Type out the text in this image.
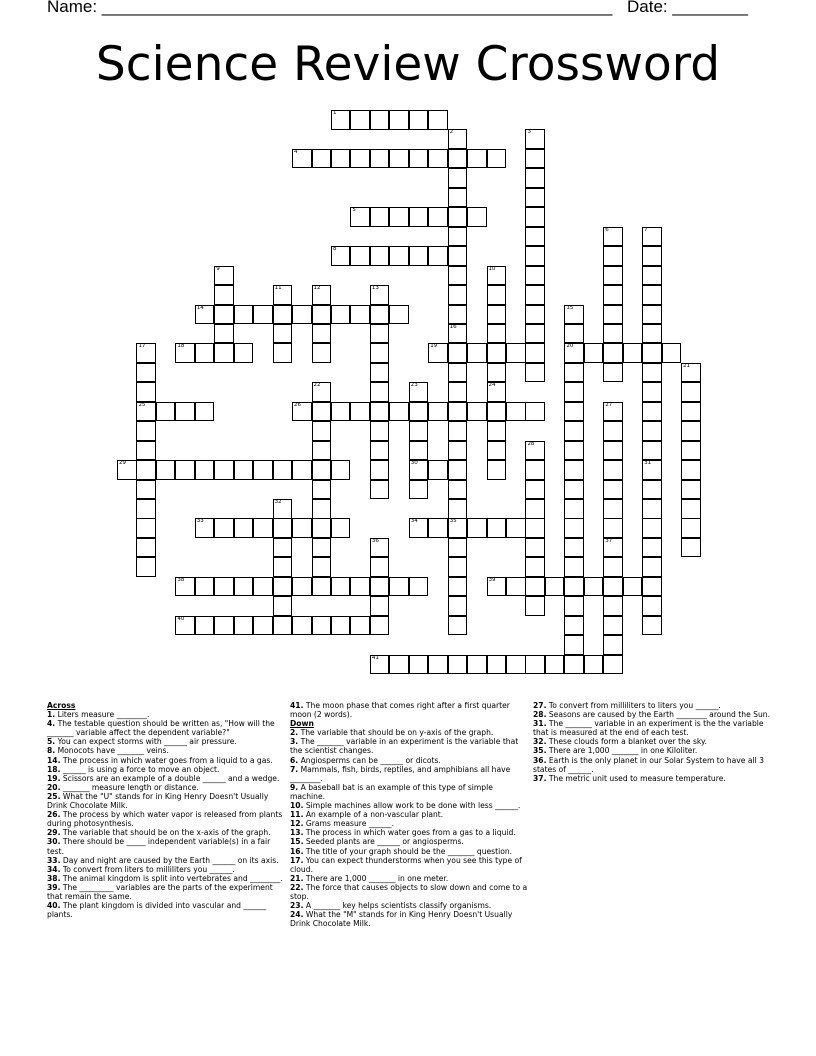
Name: ______________________________________________________ Date: ________
Science Review Crossword
1
4
5
8
14
18	19	20
25	26
29	30
33	34	35
38	39
40
41
2	3
6	7
9	10
24
11	12	13
15
16
17
21
22	23
27
37
28
31
32
36
Across
1. Liters measure ________.
4. The testable question should be written as, "How will the _______ variable affect the dependent variable?"
5. You can expect storms with ______ air pressure.
8. Monocots have _______ veins.
14. The process in which water goes from a liquid to a gas.
18. ______ is using a force to move an object.
19. Scissors are an example of a double ______ and a wedge.
20. _______ measure length or distance.
25. What the "U" stands for in King Henry Doesn't Usually Drink Chocolate Milk.
26. The process by which water vapor is released from plants during photosynthesis.
29. The variable that should be on the x-axis of the graph.
30. There should be _____ independent variable(s) in a fair test.
33. Day and night are caused by the Earth ______ on its axis.
34. To convert from liters to milliliters you ______.
38. The animal kingdom is split into vertebrates and ________.
39. The _________ variables are the parts of the experiment that remain the same.
40. The plant kingdom is divided into vascular and ______ plants.
41. The moon phase that comes right after a first quarter moon (2 words).
Down
2. The variable that should be on y-axis of the graph.
3. The _______ variable in an experiment is the variable that the scientist changes.
6. Angiosperms can be ______ or dicots.
7. Mammals, fish, birds, reptiles, and amphibians all have ________.
9. A baseball bat is an example of this type of simple machine.
10. Simple machines allow work to be done with less ______.
11. An example of a non-vascular plant.
12. Grams measure ______.
13. The process in which water goes from a gas to a liquid.
15. Seeded plants are ______ or angiosperms.
16. The title of your graph should be the _______ question.
17. You can expect thunderstorms when you see this type of cloud.
21. There are 1,000 _______ in one meter.
22. The force that causes objects to slow down and come to a stop.
23. A _______ key helps scientists classify organisms.
24. What the "M" stands for in King Henry Doesn't Usually Drink Chocolate Milk.
27. To convert from milliliters to liters you ______.
28. Seasons are caused by the Earth ________ around the Sun.
31. The _______ variable in an experiment is the the variable that is measured at the end of each test.
32. These clouds form a blanket over the sky.
35. There are 1,000 _______ in one Kiloliter.
36. Earth is the only planet in our Solar System to have all 3 states of ______.
37. The metric unit used to measure temperature.
